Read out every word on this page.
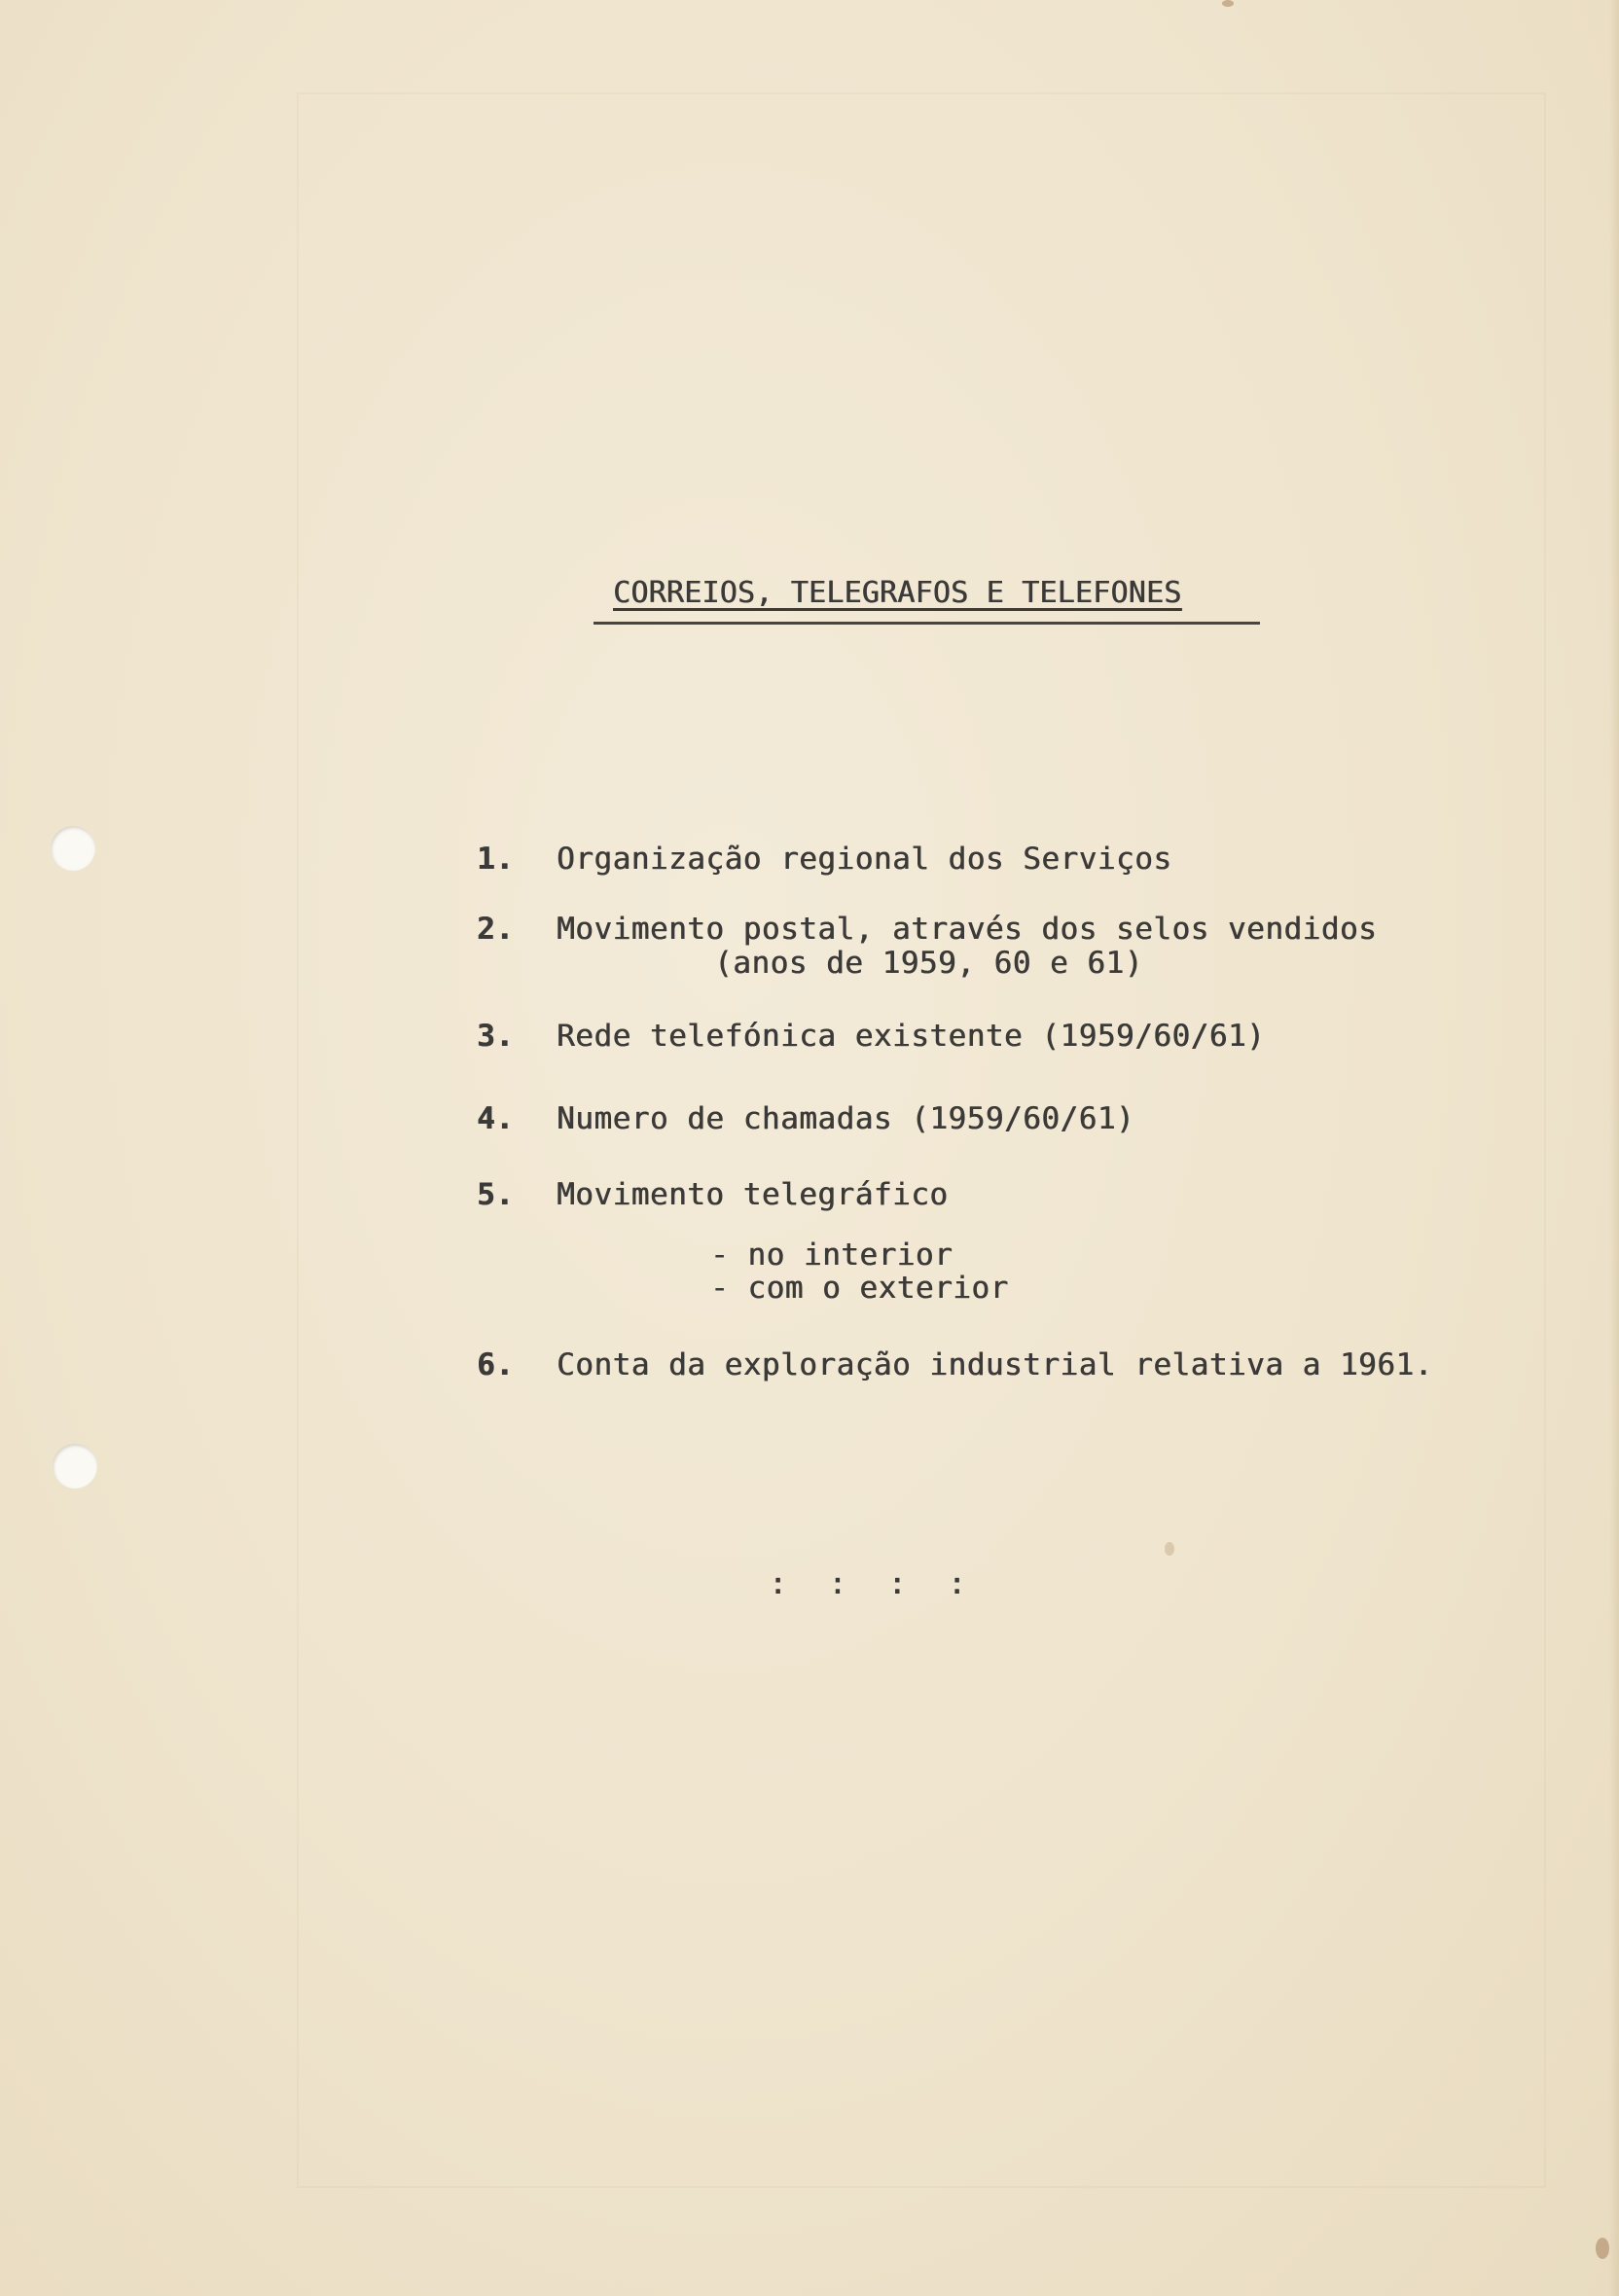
CORREIOS, TELEGRAFOS E TELEFONES
1. Organização regional dos Serviços
2. Movimento postal, através dos selos vendidos
(anos de 1959, 60 e 61)
3. Rede telefónica existente (1959/60/61)
4. Numero de chamadas (1959/60/61)
5. Movimento telegráfico
- no interior
- com o exterior
6. Conta da exploração industrial relativa a 1961.
: : : :
